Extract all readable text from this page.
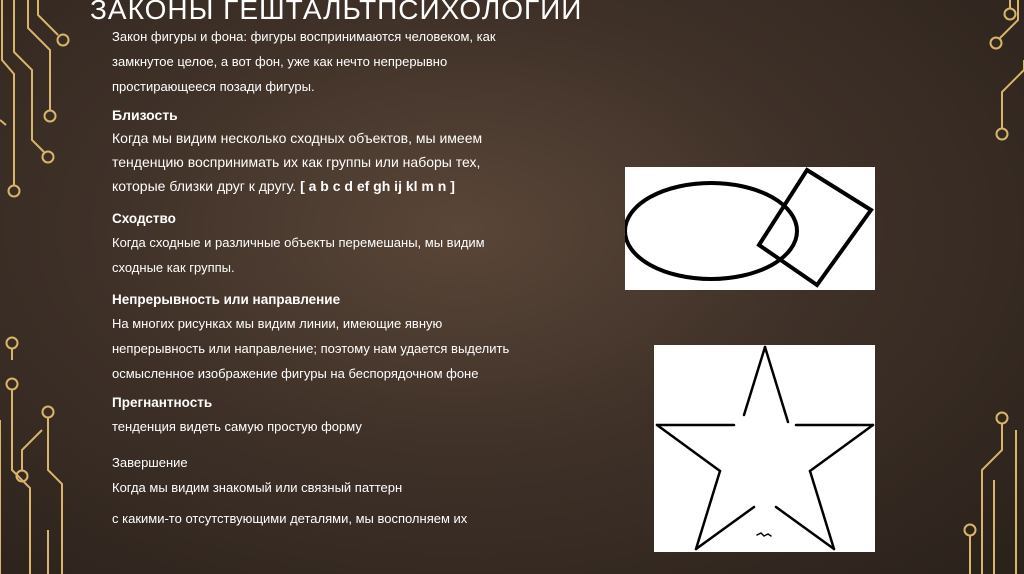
ЗАКОНЫ ГЕШТАЛЬТПСИХОЛОГИИ
Закон фигуры и фона: фигуры воспринимаются человеком, как
замкнутое целое, а вот фон, уже как нечто непрерывно
простирающееся позади фигуры.
Близость
Когда мы видим несколько сходных объектов, мы имеем
тенденцию воспринимать их как группы или наборы тех,
которые близки друг к другу. [ a b c d ef gh ij kl m n ]
Сходство
Когда сходные и различные объекты перемешаны, мы видим
сходные как группы.
Непрерывность или направление
На многих рисунках мы видим линии, имеющие явную
непрерывность или направление; поэтому нам удается выделить
осмысленное изображение фигуры на беспорядочном фоне
Прегнантность
тенденция видеть самую простую форму
Завершение
Когда мы видим знакомый или связный паттерн
с какими-то отсутствующими деталями, мы восполняем их
